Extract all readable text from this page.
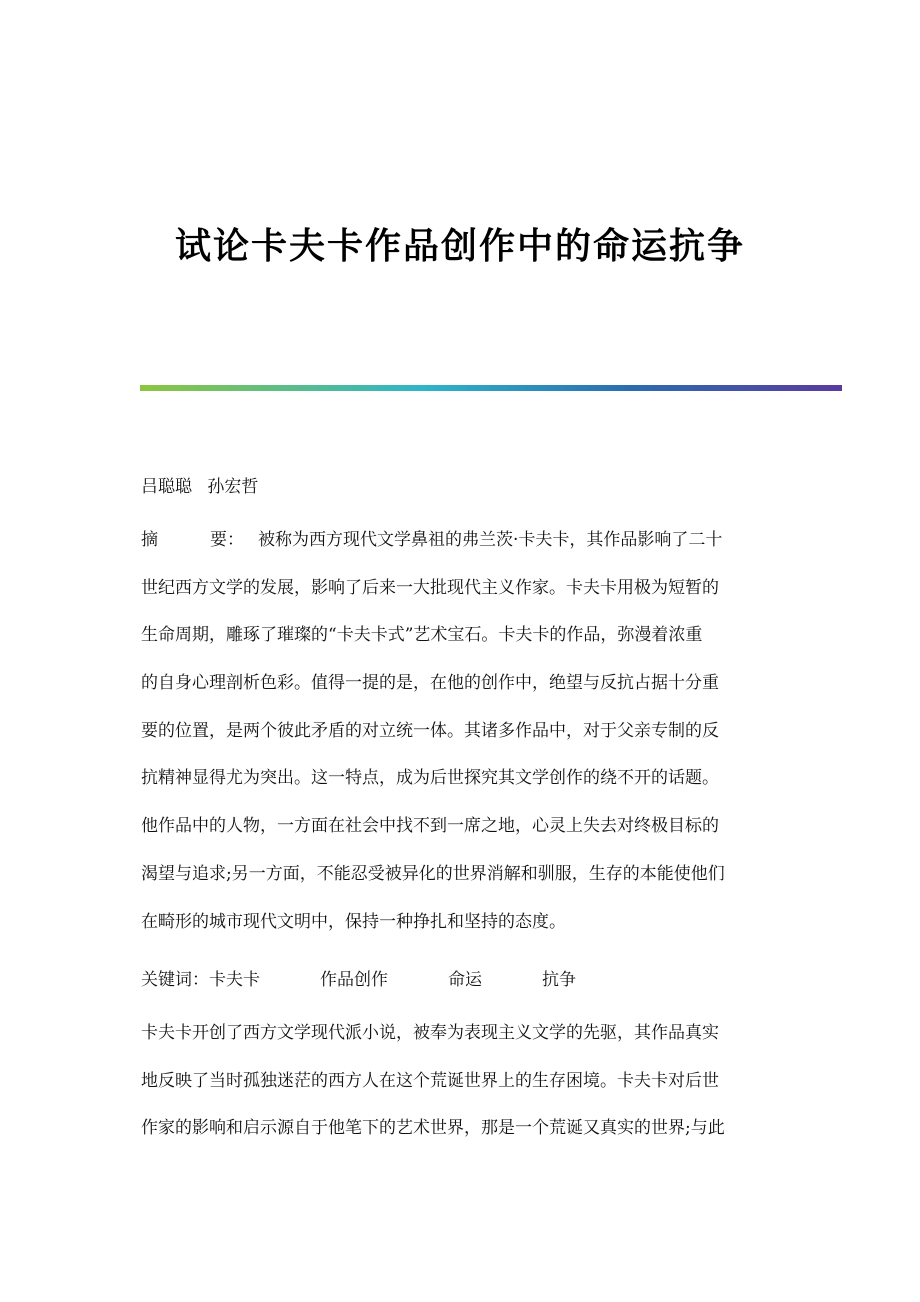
试论卡夫卡作品创作中的命运抗争
吕聪聪 孙宏哲
摘	要： 被称为西方现代文学鼻祖的弗兰茨·卡夫卡，其作品影响了二十
世纪西方文学的发展，影响了后来一大批现代主义作家。卡夫卡用极为短暂的
生命周期，雕琢了璀璨的“卡夫卡式”艺术宝石。卡夫卡的作品，弥漫着浓重
的自身心理剖析色彩。值得一提的是，在他的创作中，绝望与反抗占据十分重
要的位置，是两个彼此矛盾的对立统一体。其诸多作品中，对于父亲专制的反
抗精神显得尤为突出。这一特点，成为后世探究其文学创作的绕不开的话题。
他作品中的人物，一方面在社会中找不到一席之地，心灵上失去对终极目标的
渴望与追求;另一方面，不能忍受被异化的世界消解和驯服，生存的本能使他们
在畸形的城市现代文明中，保持一种挣扎和坚持的态度。
关键词：卡夫卡	作品创作	命运	抗争
卡夫卡开创了西方文学现代派小说，被奉为表现主义文学的先驱，其作品真实
地反映了当时孤独迷茫的西方人在这个荒诞世界上的生存困境。卡夫卡对后世
作家的影响和启示源自于他笔下的艺术世界，那是一个荒诞又真实的世界;与此
